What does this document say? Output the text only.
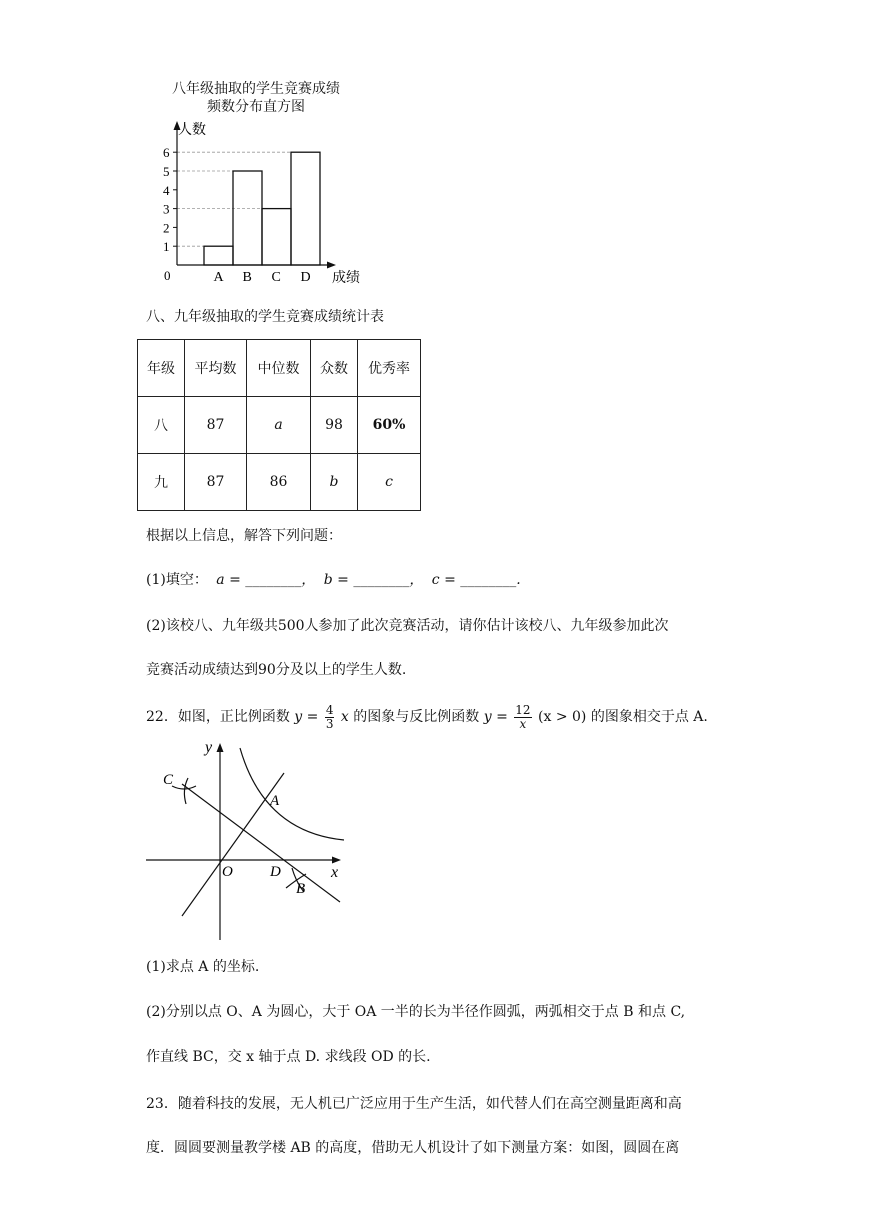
八年级抽取的学生竞赛成绩
频数分布直方图
1
2
3
4
5
6
A B C D
人数
成绩
0
八、九年级抽取的学生竞赛成绩统计表
年级	平均数	中位数	众数	优秀率
八	87	a	98	60%
九	87	86	b	c
根据以上信息，解答下列问题：
(1)填空： a = ________， b = ________， c = ________.
(2)该校八、九年级共500人参加了此次竞赛活动，请你估计该校八、九年级参加此次
竞赛活动成绩达到90分及以上的学生人数.
22．如图，正比例函数 $y = \frac{4}{3}$ x 的图象与反比例函数 $y = \frac{12}{x} (x > 0)$ 的图象相交于点 A.
y
x
O
A
B
C
D
(1)求点 A 的坐标.
(2)分别以点 O、A 为圆心，大于 OA 一半的长为半径作圆弧，两弧相交于点 B 和点 C,
作直线 BC，交 x 轴于点 D. 求线段 OD 的长.
23．随着科技的发展，无人机已广泛应用于生产生活，如代替人们在高空测量距离和高
度．圆圆要测量教学楼 AB 的高度，借助无人机设计了如下测量方案：如图，圆圆在离
